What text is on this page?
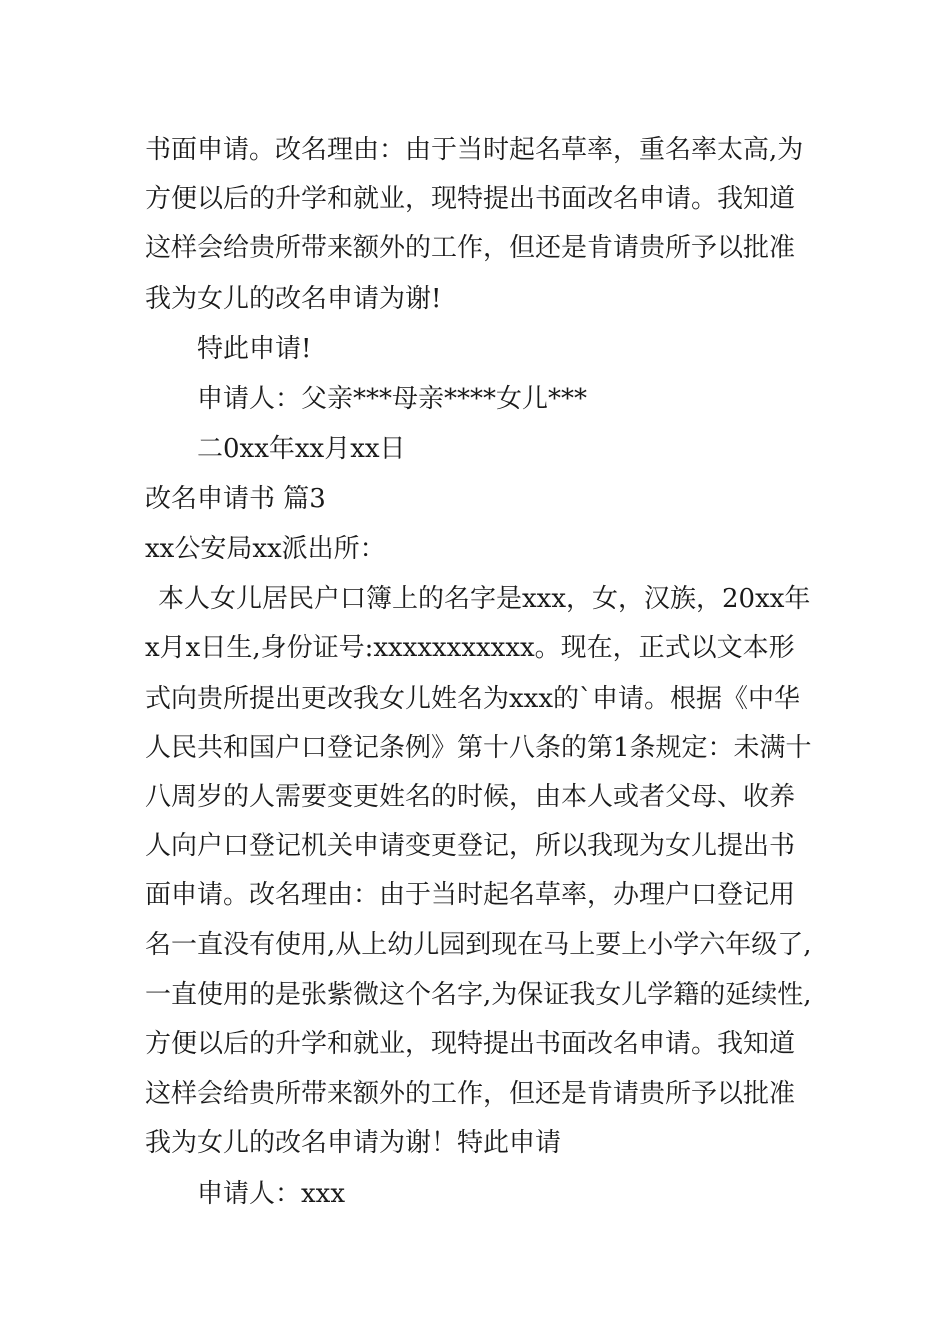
书面申请。改名理由：由于当时起名草率，重名率太高,为

方便以后的升学和就业，现特提出书面改名申请。我知道

这样会给贵所带来额外的工作，但还是肯请贵所予以批准

我为女儿的改名申请为谢!

特此申请!

申请人：父亲***母亲****女儿***

二0xx年xx月xx日

改名申请书 篇3

xx公安局xx派出所：

本人女儿居民户口簿上的名字是xxx，女，汉族，20xx年

x月x日生,身份证号:xxxxxxxxxxx。现在，正式以文本形

式向贵所提出更改我女儿姓名为xxx的`申请。根据《中华

人民共和国户口登记条例》第十八条的第1条规定：未满十

八周岁的人需要变更姓名的时候，由本人或者父母、收养

人向户口登记机关申请变更登记，所以我现为女儿提出书

面申请。改名理由：由于当时起名草率，办理户口登记用

名一直没有使用,从上幼儿园到现在马上要上小学六年级了,

一直使用的是张紫微这个名字,为保证我女儿学籍的延续性,

方便以后的升学和就业，现特提出书面改名申请。我知道

这样会给贵所带来额外的工作，但还是肯请贵所予以批准

我为女儿的改名申请为谢！特此申请

申请人：xxx
